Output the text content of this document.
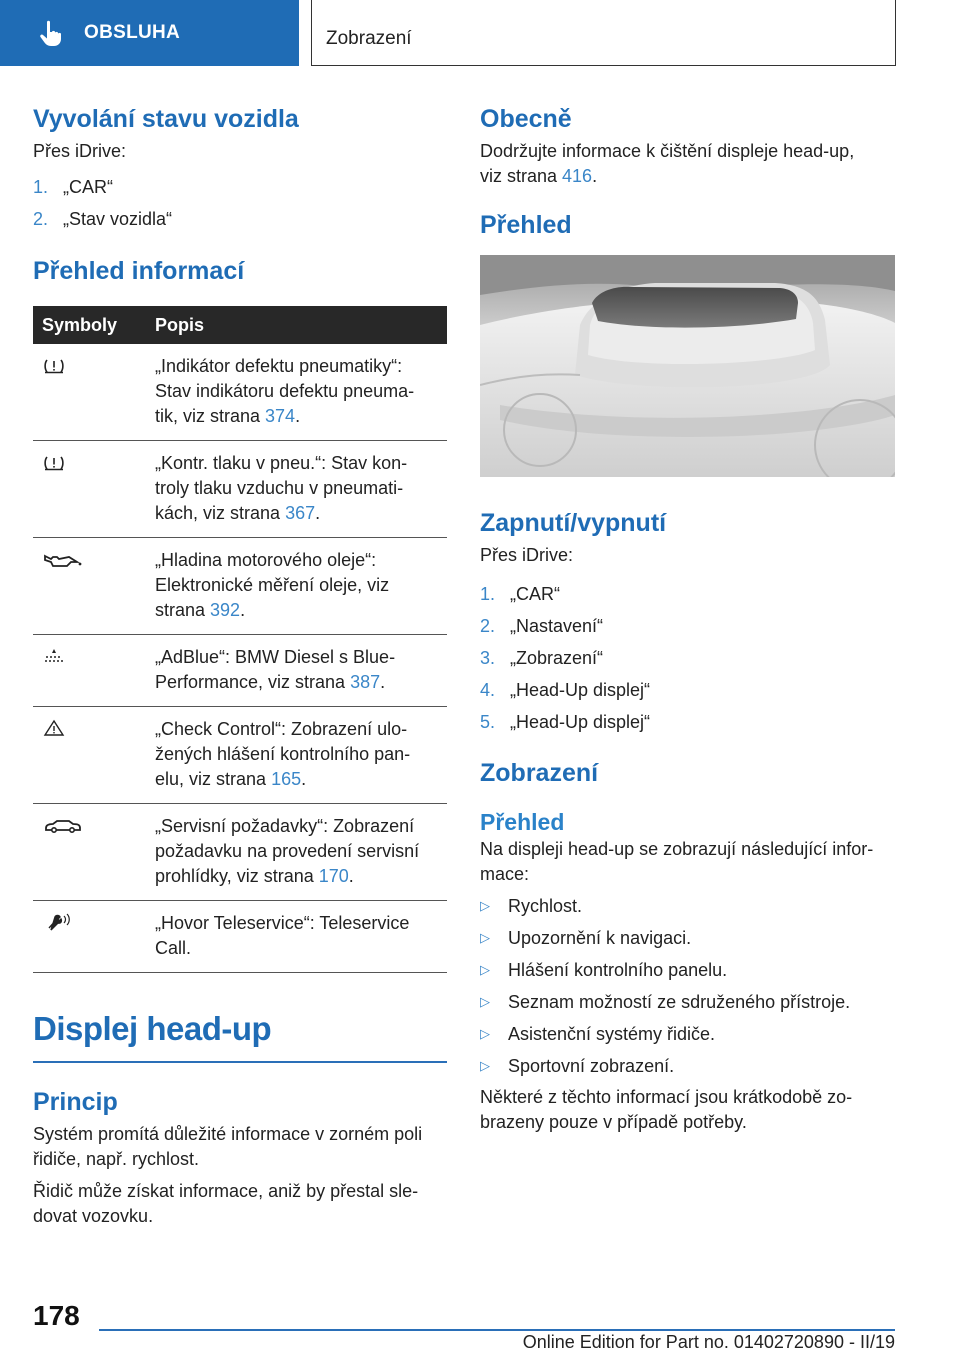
OBSLUHA	Zobrazení
Vyvolání stavu vozidla

Přes iDrive:

1. „CAR“
2. „Stav vozidla“
Přehled informací
Symboly	Popis

	„Indikátor defektu pneumatiky“:
Stav indikátoru defektu pneuma-
tik, viz strana 374.

	„Kontr. tlaku v pneu.“: Stav kon-
troly tlaku vzduchu v pneumati-
kách, viz strana 367.

	„Hladina motorového oleje“:
Elektronické měření oleje, viz
strana 392.

	„AdBlue“: BMW Diesel s Blue-
Performance, viz strana 387.

	„Check Control“: Zobrazení ulo-
žených hlášení kontrolního pan-
elu, viz strana 165.

	„Servisní požadavky“: Zobrazení
požadavku na provedení servisní
prohlídky, viz strana 170.

	„Hovor Teleservice“: Teleservice
Call.
Displej head-up
Princip

Systém promítá důležité informace v zorném poli
řidiče, např. rychlost.

Řidič může získat informace, aniž by přestal sle-
dovat vozovku.

Obecně

Dodržujte informace k čištění displeje head-up,
viz strana 416.

Přehled
Zapnutí/vypnutí

Přes iDrive:

1. „CAR“
2. „Nastavení“
3. „Zobrazení“
4. „Head-Up displej“
5. „Head-Up displej“
Zobrazení
Přehled

Na displeji head-up se zobrazují následující infor-
mace:

▷	Rychlost.
▷	Upozornění k navigaci.
▷	Hlášení kontrolního panelu.
▷	Seznam možností ze sdruženého přístroje.
▷	Asistenční systémy řidiče.
▷	Sportovní zobrazení.

Některé z těchto informací jsou krátkodobě zo-
brazeny pouze v případě potřeby.

178
Online Edition for Part no. 01402720890 - II/19
